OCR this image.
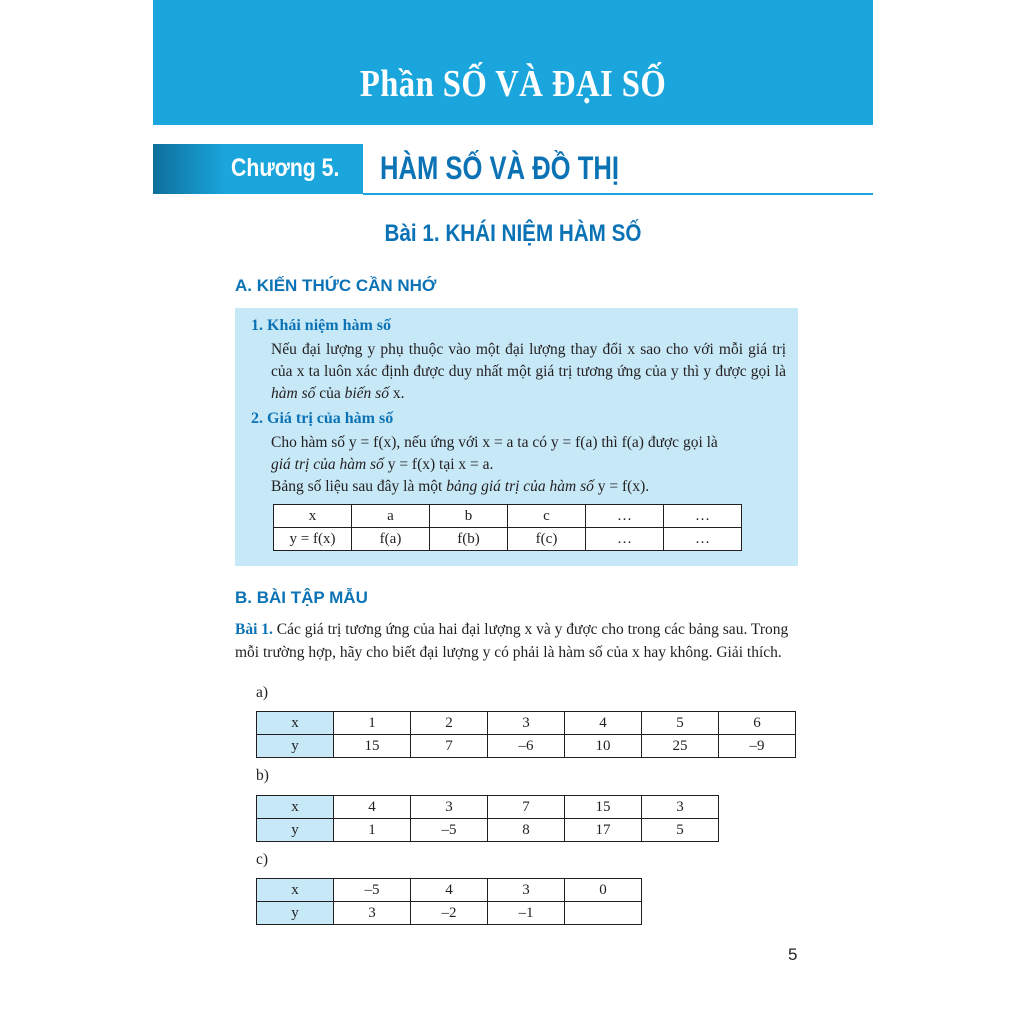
Phần SỐ VÀ ĐẠI SỐ
Chương 5. HÀM SỐ VÀ ĐỒ THỊ
Bài 1. KHÁI NIỆM HÀM SỐ
A. KIẾN THỨC CẦN NHỚ
1. Khái niệm hàm số
Nếu đại lượng y phụ thuộc vào một đại lượng thay đổi x sao cho với mỗi giá trị của x ta luôn xác định được duy nhất một giá trị tương ứng của y thì y được gọi là hàm số của biến số x.
2. Giá trị của hàm số
Cho hàm số y = f(x), nếu ứng với x = a ta có y = f(a) thì f(a) được gọi là
giá trị của hàm số y = f(x) tại x = a.
Bảng số liệu sau đây là một bảng giá trị của hàm số y = f(x).
x	a	b	c	…	…
y = f(x)	f(a)	f(b)	f(c)	…	…
B. BÀI TẬP MẪU
Bài 1. Các giá trị tương ứng của hai đại lượng x và y được cho trong các bảng sau. Trong mỗi trường hợp, hãy cho biết đại lượng y có phải là hàm số của x hay không. Giải thích.
a)
x	1	2	3	4	5	6
y	15	7	–6	10	25	–9
b)
x	4	3	7	15	3
y	1	–5	8	17	5
c)
x	–5	4	3	0
y	3	–2	–1	
5
